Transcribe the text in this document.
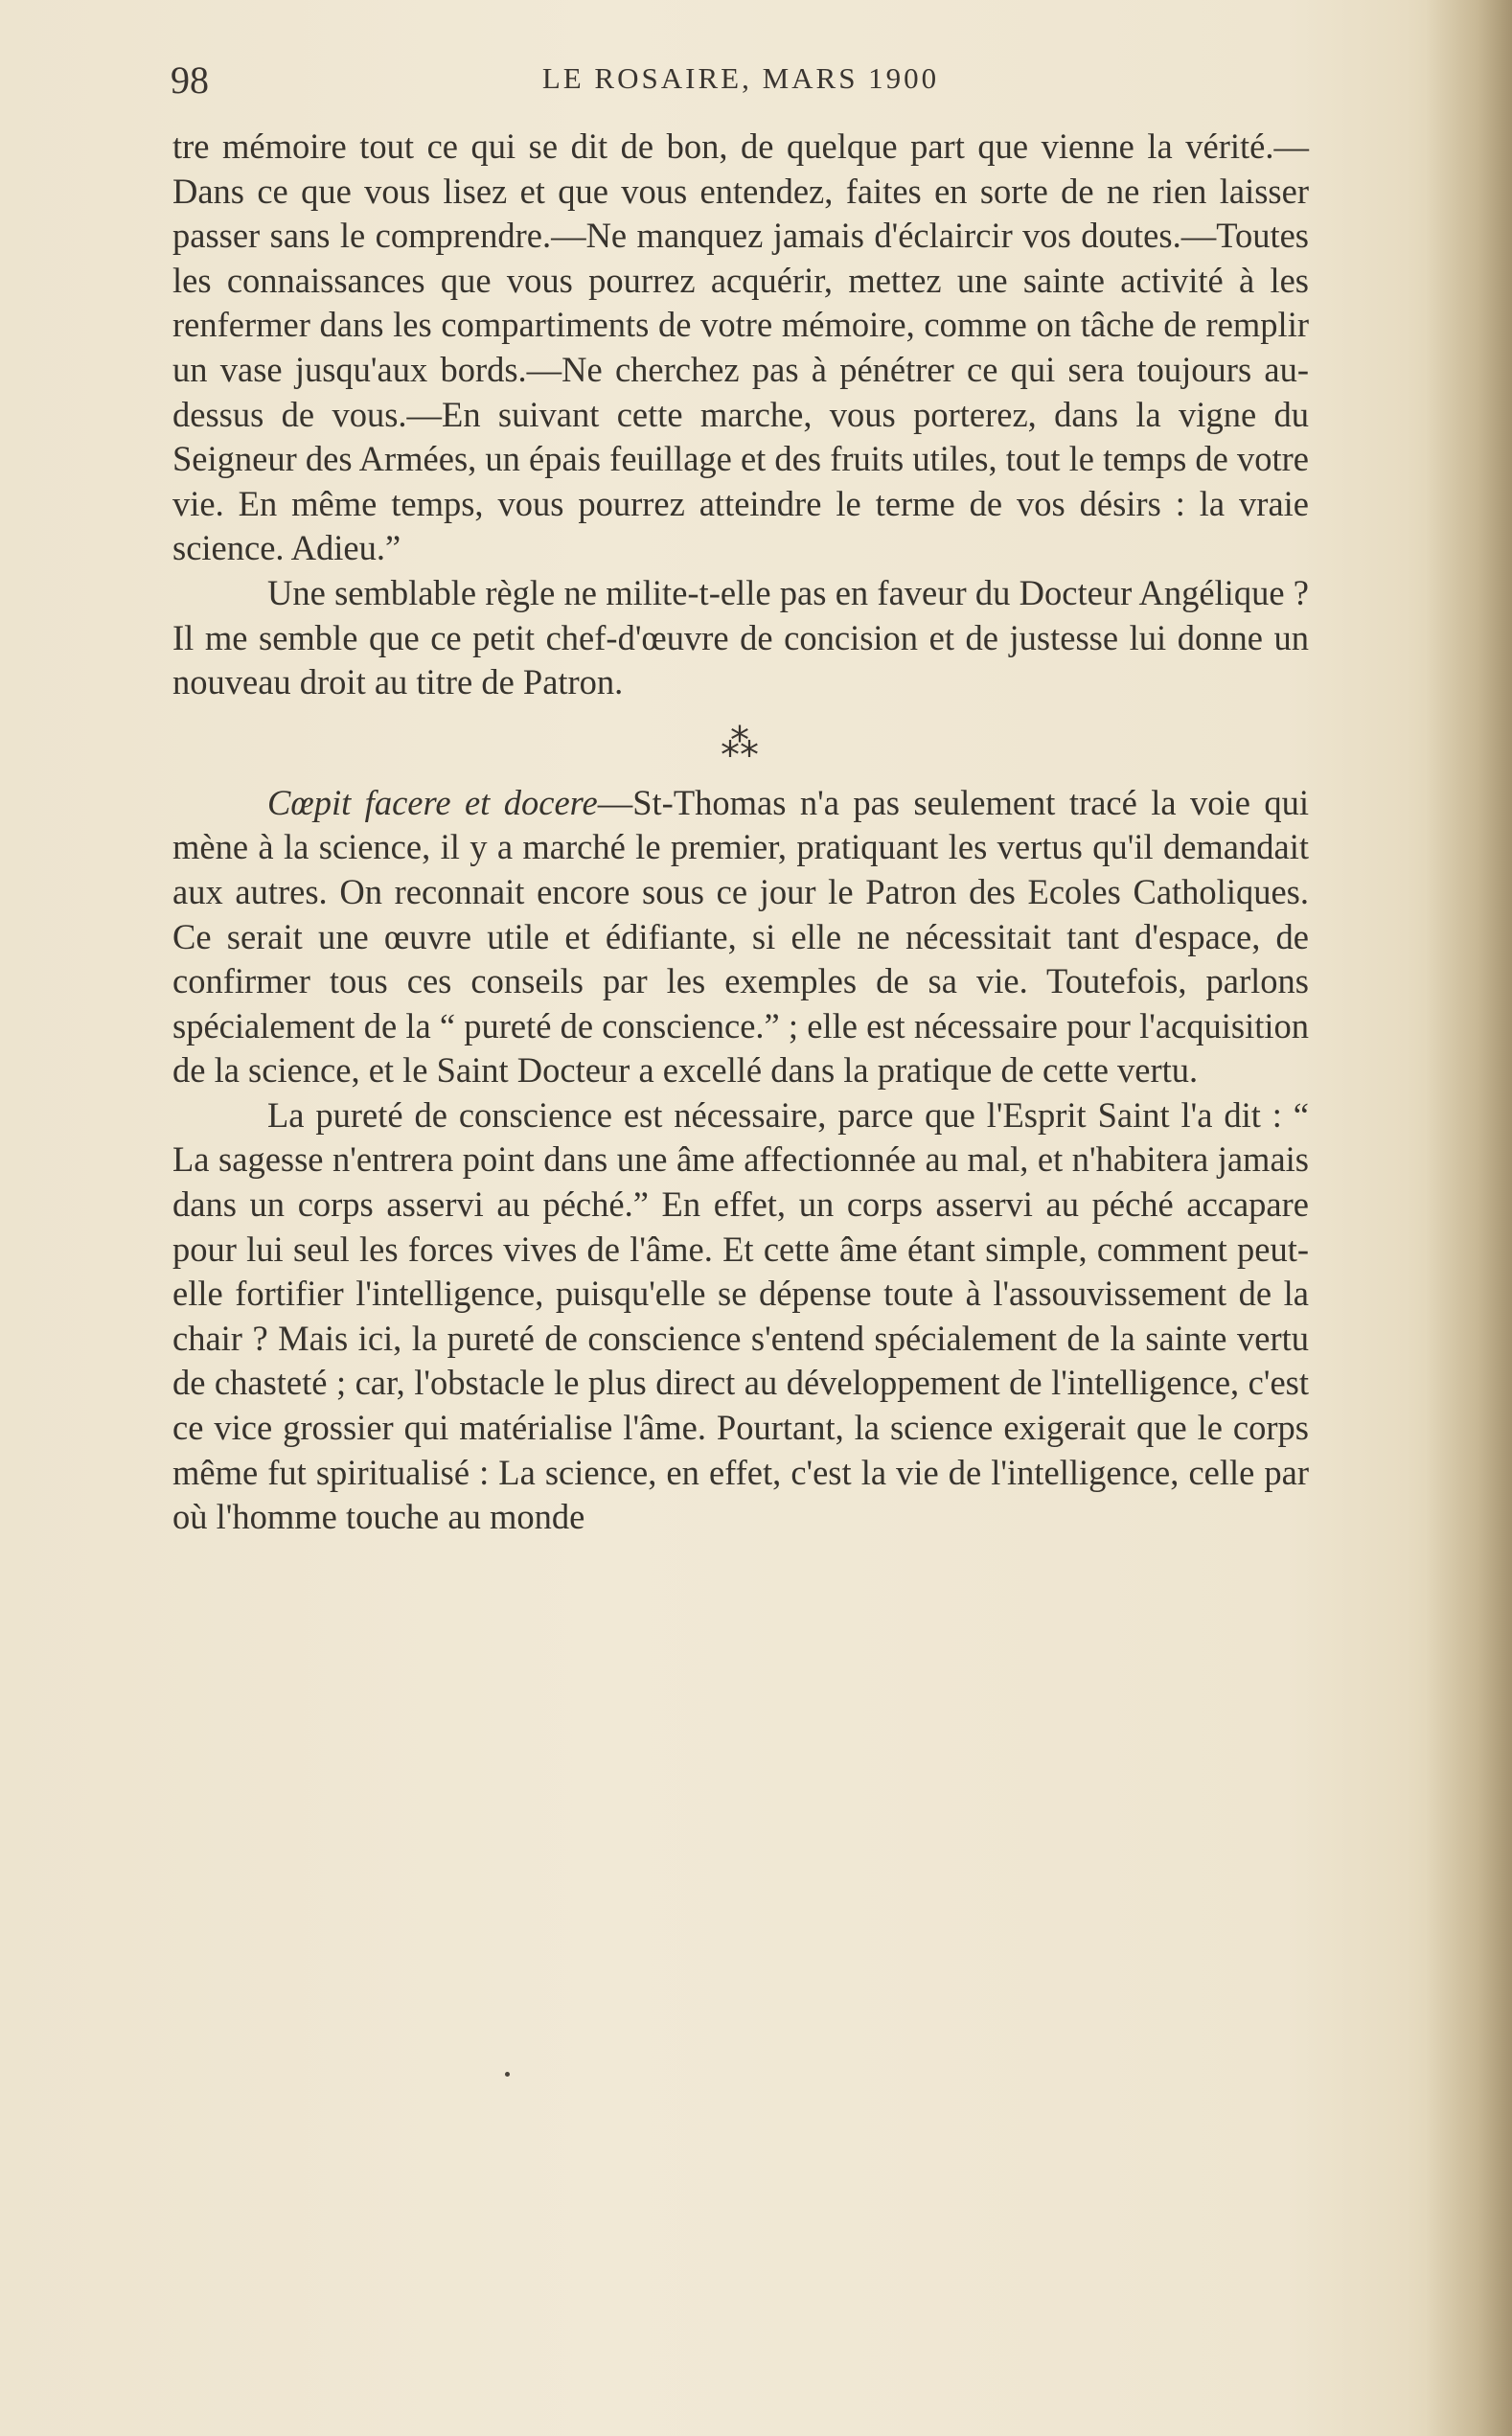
98	LE ROSAIRE, MARS 1900

tre mémoire tout ce qui se dit de bon, de quelque part que vienne la vérité.—Dans ce que vous lisez et que vous entendez, faites en sorte de ne rien laisser passer sans le comprendre.—Ne manquez jamais d'éclaircir vos doutes.—Toutes les connaissances que vous pourrez acquérir, mettez une sainte activité à les renfermer dans les compartiments de votre mémoire, comme on tâche de remplir un vase jusqu'aux bords.—Ne cherchez pas à pénétrer ce qui sera toujours au-dessus de vous.—En suivant cette marche, vous porterez, dans la vigne du Seigneur des Armées, un épais feuillage et des fruits utiles, tout le temps de votre vie. En même temps, vous pourrez atteindre le terme de vos désirs : la vraie science. Adieu.”

Une semblable règle ne milite-t-elle pas en faveur du Docteur Angélique ? Il me semble que ce petit chef-d'œuvre de concision et de justesse lui donne un nouveau droit au titre de Patron.

⁂

Cœpit facere et docere—St-Thomas n'a pas seulement tracé la voie qui mène à la science, il y a marché le premier, pratiquant les vertus qu'il demandait aux autres. On reconnait encore sous ce jour le Patron des Ecoles Catholiques. Ce serait une œuvre utile et édifiante, si elle ne nécessitait tant d'espace, de confirmer tous ces conseils par les exemples de sa vie. Toutefois, parlons spécialement de la “ pureté de conscience.” ; elle est nécessaire pour l'acquisition de la science, et le Saint Docteur a excellé dans la pratique de cette vertu.

La pureté de conscience est nécessaire, parce que l'Esprit Saint l'a dit : “ La sagesse n'entrera point dans une âme affectionnée au mal, et n'habitera jamais dans un corps asservi au péché.” En effet, un corps asservi au péché accapare pour lui seul les forces vives de l'âme. Et cette âme étant simple, comment peut-elle fortifier l'intelligence, puisqu'elle se dépense toute à l'assouvissement de la chair ? Mais ici, la pureté de conscience s'entend spécialement de la sainte vertu de chasteté ; car, l'obstacle le plus direct au développement de l'intelligence, c'est ce vice grossier qui matérialise l'âme. Pourtant, la science exigerait que le corps même fut spiritualisé : La science, en effet, c'est la vie de l'intelligence, celle par où l'homme touche au monde
